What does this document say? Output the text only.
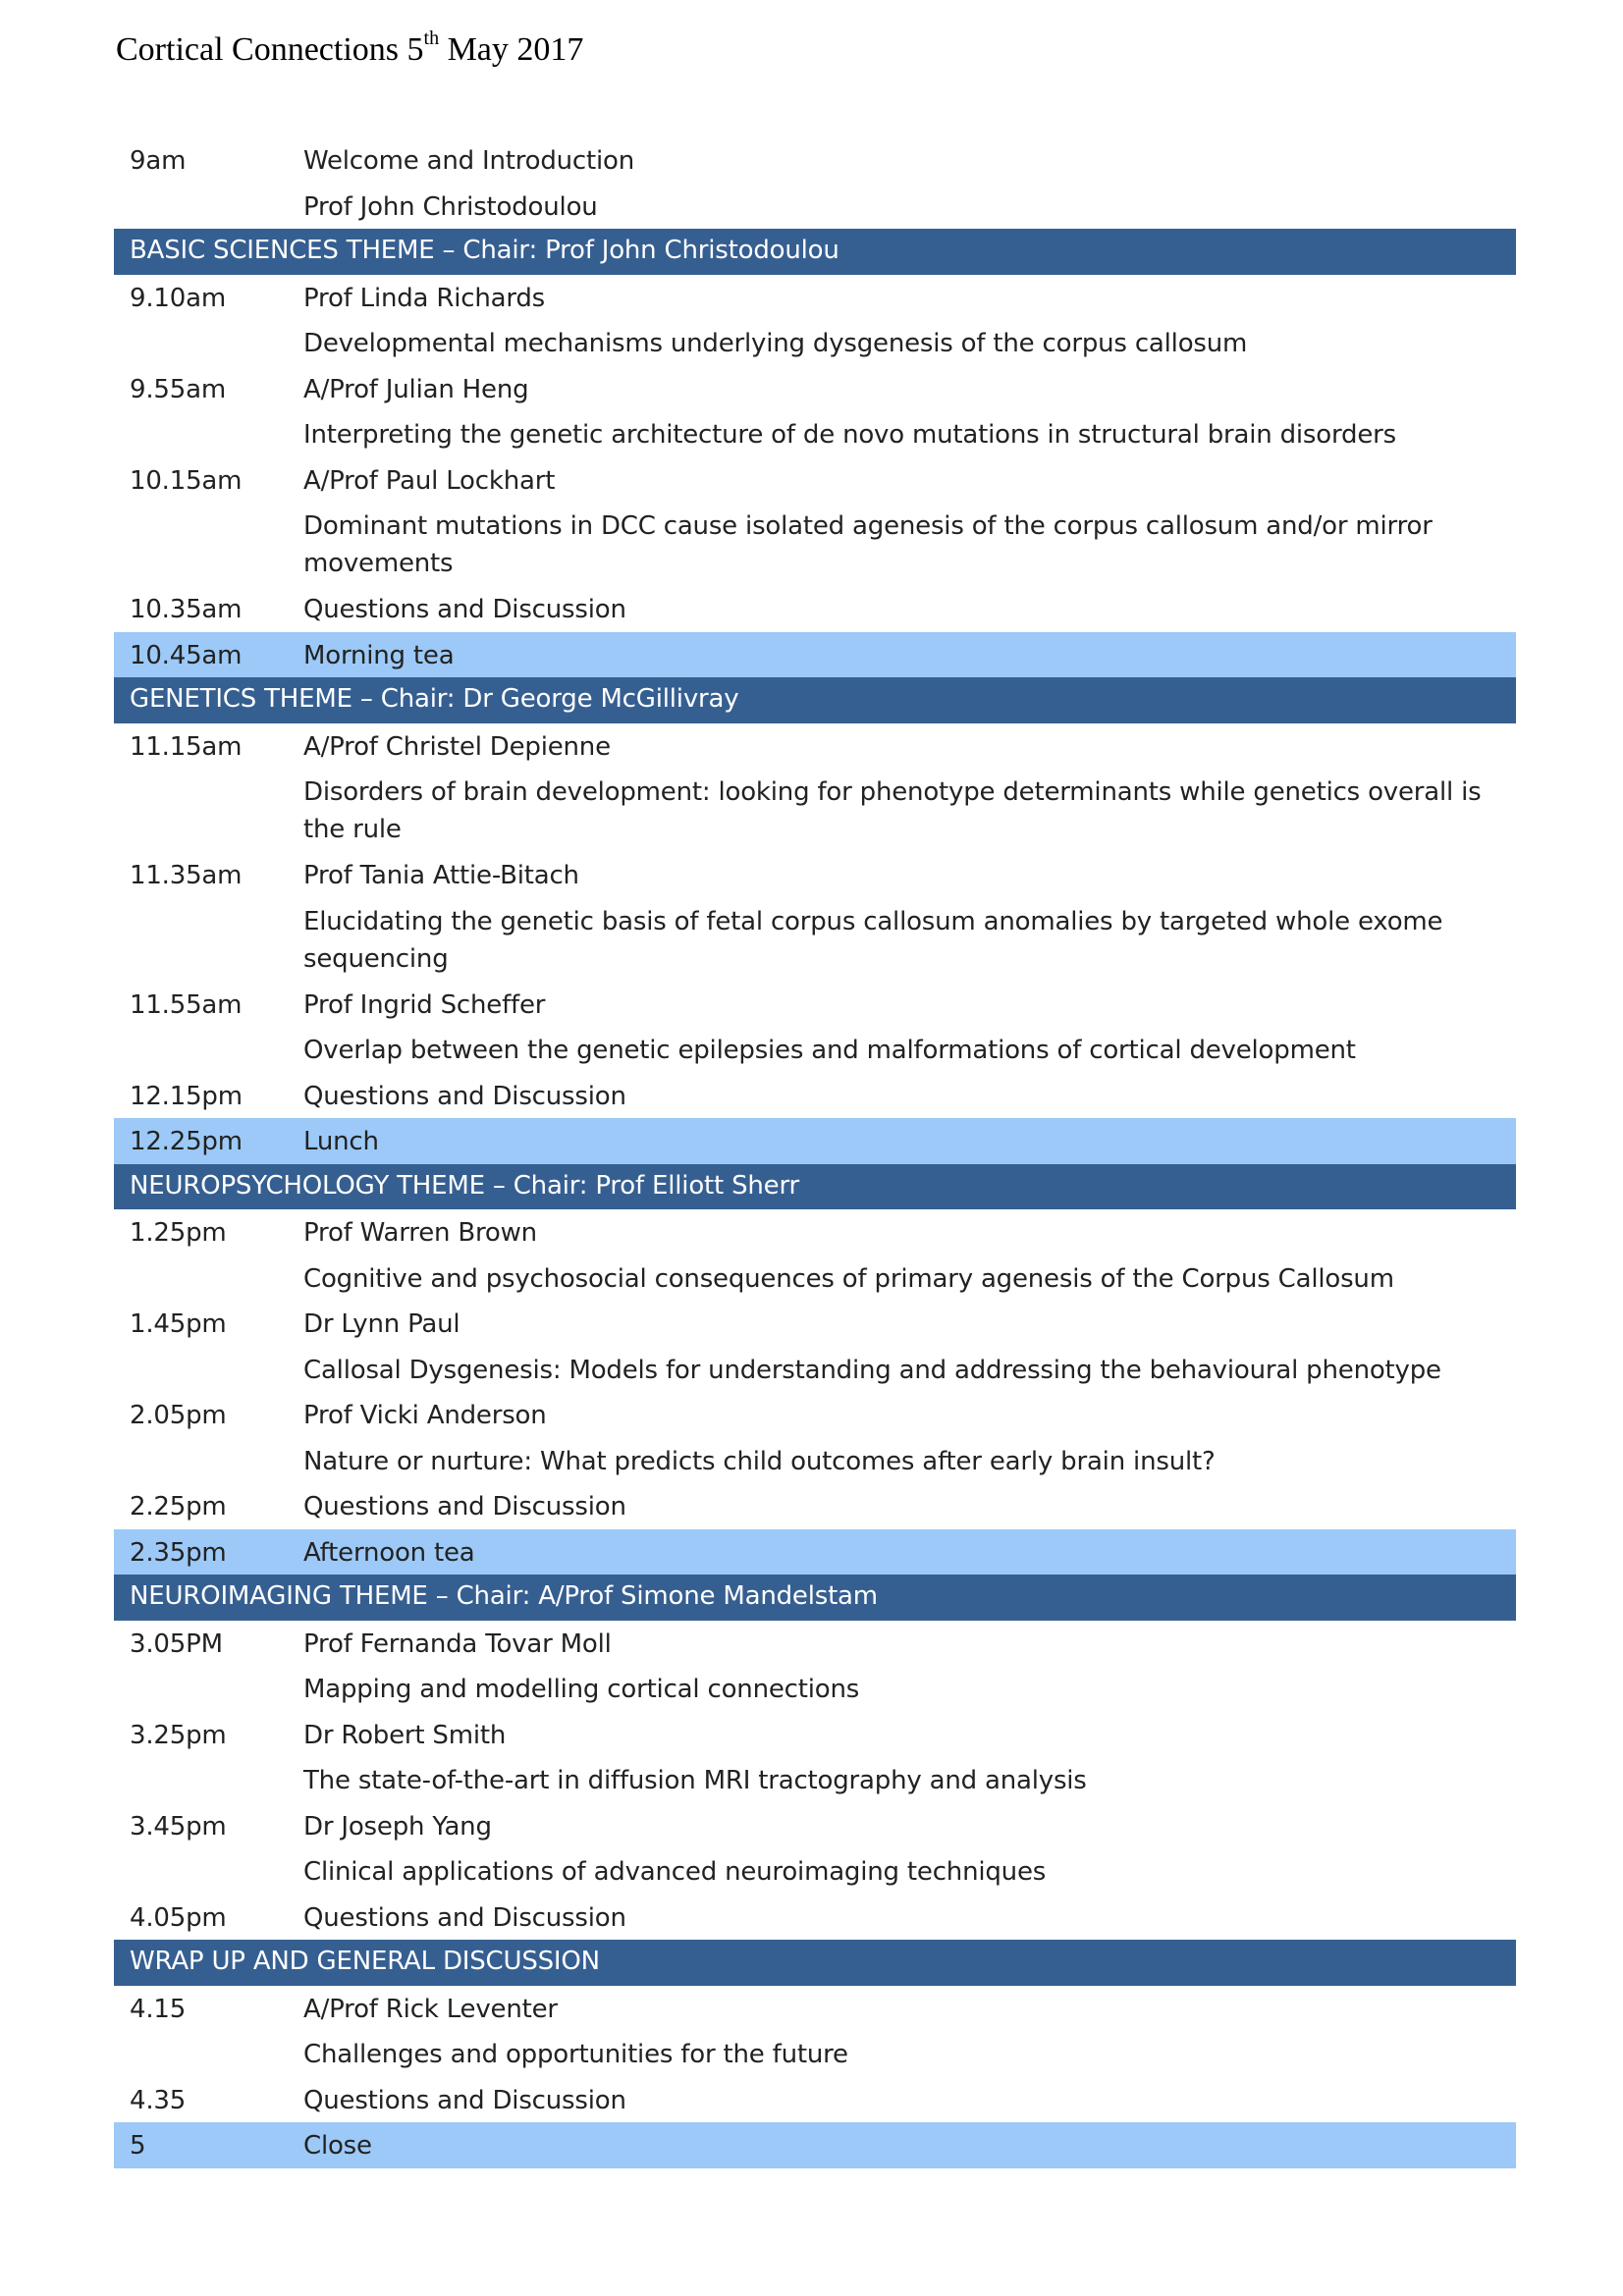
Cortical Connections 5th May 2017
9am	Welcome and Introduction
Prof John Christodoulou
BASIC SCIENCES THEME – Chair: Prof John Christodoulou
9.10am	Prof Linda Richards
Developmental mechanisms underlying dysgenesis of the corpus callosum
9.55am	A/Prof Julian Heng
Interpreting the genetic architecture of de novo mutations in structural brain disorders
10.15am	A/Prof Paul Lockhart
Dominant mutations in DCC cause isolated agenesis of the corpus callosum and/or mirror movements
10.35am	Questions and Discussion
10.45am	Morning tea
GENETICS THEME – Chair: Dr George McGillivray
11.15am	A/Prof Christel Depienne
Disorders of brain development: looking for phenotype determinants while genetics overall is the rule
11.35am	Prof Tania Attie-Bitach
Elucidating the genetic basis of fetal corpus callosum anomalies by targeted whole exome sequencing
11.55am	Prof Ingrid Scheffer
Overlap between the genetic epilepsies and malformations of cortical development
12.15pm	Questions and Discussion
12.25pm	Lunch
NEUROPSYCHOLOGY THEME – Chair: Prof Elliott Sherr
1.25pm	Prof Warren Brown
Cognitive and psychosocial consequences of primary agenesis of the Corpus Callosum
1.45pm	Dr Lynn Paul
Callosal Dysgenesis: Models for understanding and addressing the behavioural phenotype
2.05pm	Prof Vicki Anderson
Nature or nurture: What predicts child outcomes after early brain insult?
2.25pm	Questions and Discussion
2.35pm	Afternoon tea
NEUROIMAGING THEME – Chair: A/Prof Simone Mandelstam
3.05PM	Prof Fernanda Tovar Moll
Mapping and modelling cortical connections
3.25pm	Dr Robert Smith
The state-of-the-art in diffusion MRI tractography and analysis
3.45pm	Dr Joseph Yang
Clinical applications of advanced neuroimaging techniques
4.05pm	Questions and Discussion
WRAP UP AND GENERAL DISCUSSION
4.15	A/Prof Rick Leventer
Challenges and opportunities for the future
4.35	Questions and Discussion
5	Close
